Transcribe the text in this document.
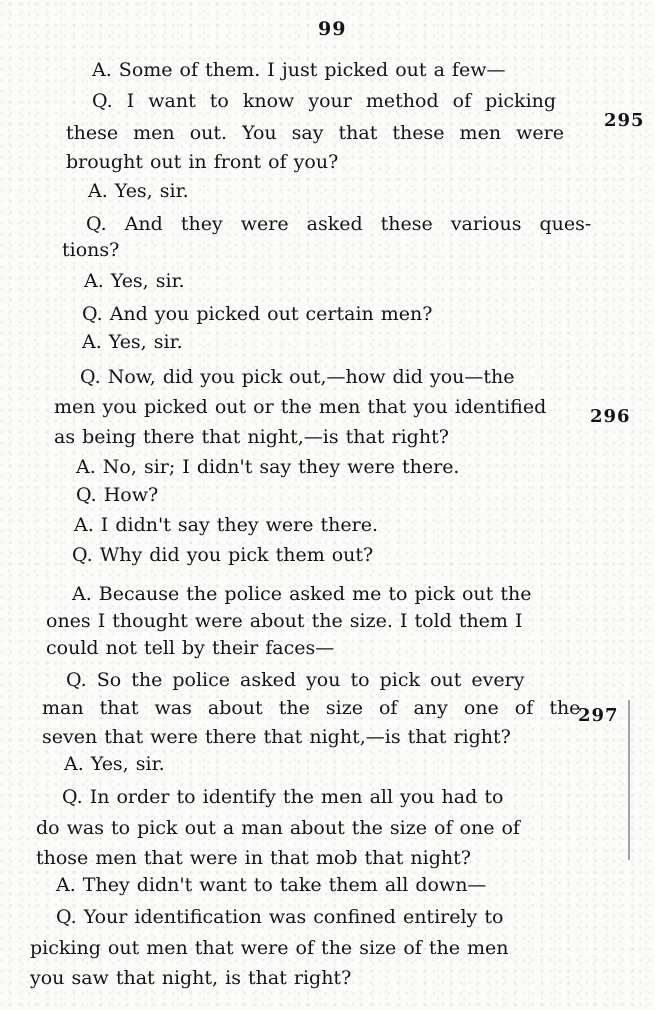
99
295
296
297
A. Some of them. I just picked out a few—
Q. I want to know your method of picking
these men out. You say that these men were
brought out in front of you?
A. Yes, sir.
Q. And they were asked these various ques-
tions?
A. Yes, sir.
Q. And you picked out certain men?
A. Yes, sir.
Q. Now, did you pick out,—how did you—the
men you picked out or the men that you identified
as being there that night,—is that right?
A. No, sir; I didn't say they were there.
Q. How?
A. I didn't say they were there.
Q. Why did you pick them out?
A. Because the police asked me to pick out the
ones I thought were about the size. I told them I
could not tell by their faces—
Q. So the police asked you to pick out every
man that was about the size of any one of the
seven that were there that night,—is that right?
A. Yes, sir.
Q. In order to identify the men all you had to
do was to pick out a man about the size of one of
those men that were in that mob that night?
A. They didn't want to take them all down—
Q. Your identification was confined entirely to
picking out men that were of the size of the men
you saw that night, is that right?
